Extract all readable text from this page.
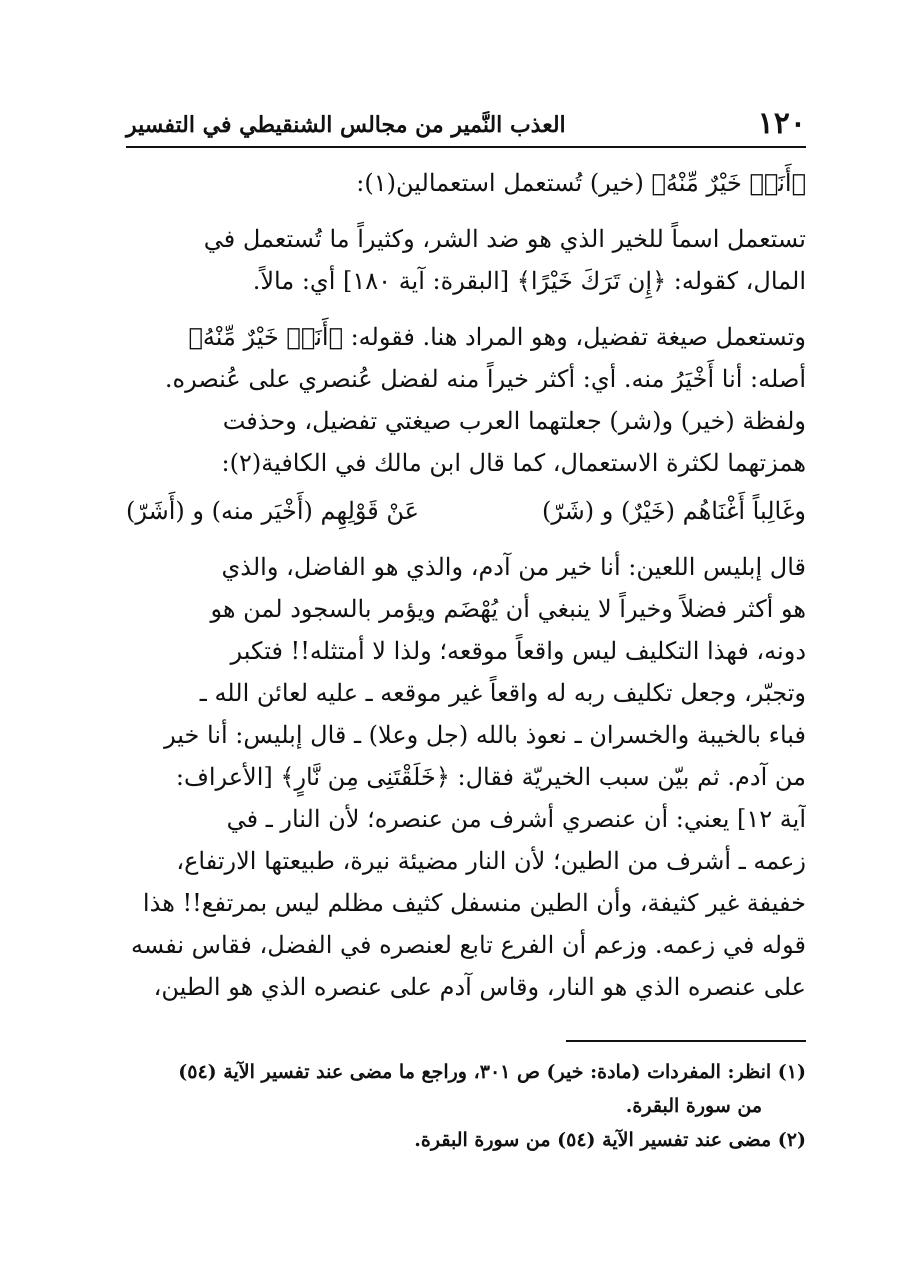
١٢٠
العذب النَّمير من مجالس الشنقيطي في التفسير

﴿أَنَا۠ خَيْرٌ مِّنْهُ﴾ (خير) تُستعمل استعمالين(١):

تستعمل اسماً للخير الذي هو ضد الشر، وكثيراً ما تُستعمل في

المال، كقوله: ﴿إِن تَرَكَ خَيْرًا﴾ [البقرة: آية ١٨٠] أي: مالاً.

وتستعمل صيغة تفضيل، وهو المراد هنا. فقوله: ﴿أَنَا۠ خَيْرٌ مِّنْهُ﴾

أصله: أنا أَخْيَرُ منه. أي: أكثر خيراً منه لفضل عُنصري على عُنصره.

ولفظة (خير) و(شر) جعلتهما العرب صيغتي تفضيل، وحذفت

همزتهما لكثرة الاستعمال، كما قال ابن مالك في الكافية(٢):

وغَالِباً أَغْنَاهُم (خَيْرٌ) و (شَرّ)
عَنْ قَوْلِهِم (أَخْيَر منه) و (أَشَرّ)

قال إبليس اللعين: أنا خير من آدم، والذي هو الفاضل، والذي

هو أكثر فضلاً وخيراً لا ينبغي أن يُهْضَم ويؤمر بالسجود لمن هو

دونه، فهذا التكليف ليس واقعاً موقعه؛ ولذا لا أمتثله!! فتكبر

وتجبّر، وجعل تكليف ربه له واقعاً غير موقعه ـ عليه لعائن الله ـ

فباء بالخيبة والخسران ـ نعوذ بالله (جل وعلا) ـ قال إبليس: أنا خير

من آدم. ثم بيّن سبب الخيريّة فقال: ﴿خَلَقْتَنِى مِن نَّارٍ﴾ [الأعراف:

آية ١٢] يعني: أن عنصري أشرف من عنصره؛ لأن النار ـ في

زعمه ـ أشرف من الطين؛ لأن النار مضيئة نيرة، طبيعتها الارتفاع،

خفيفة غير كثيفة، وأن الطين منسفل كثيف مظلم ليس بمرتفع!! هذا

قوله في زعمه. وزعم أن الفرع تابع لعنصره في الفضل، فقاس نفسه

على عنصره الذي هو النار، وقاس آدم على عنصره الذي هو الطين،

(١) انظر: المفردات (مادة: خير) ص ٣٠١، وراجع ما مضى عند تفسير الآية (٥٤)
من سورة البقرة.
(٢) مضى عند تفسير الآية (٥٤) من سورة البقرة.
